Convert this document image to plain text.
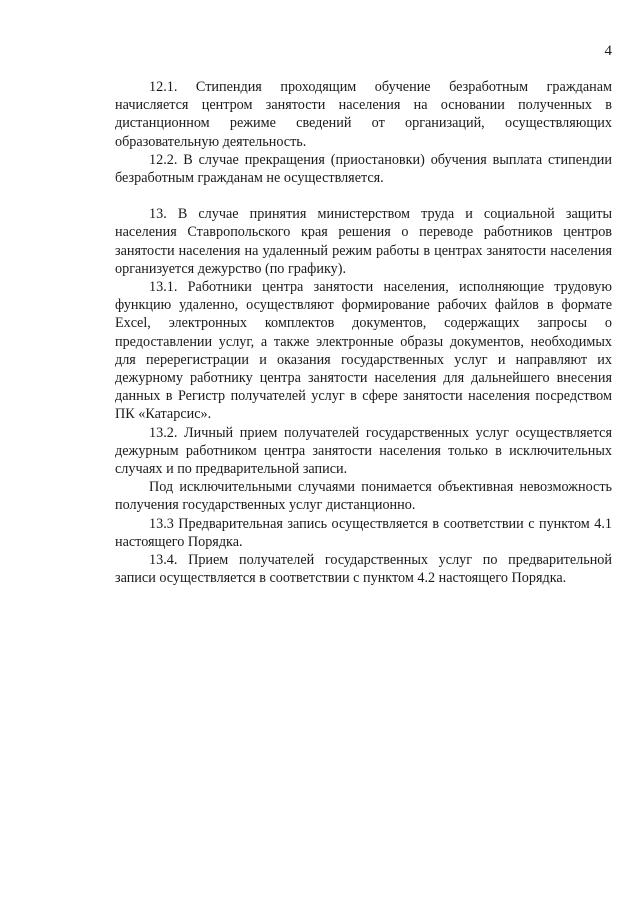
4

12.1. Стипендия проходящим обучение безработным гражданам начисляется центром занятости населения на основании полученных в дистанционном режиме сведений от организаций, осуществляющих образовательную деятельность.

12.2. В случае прекращения (приостановки) обучения выплата стипендии безработным гражданам не осуществляется.

13. В случае принятия министерством труда и социальной защиты населения Ставропольского края решения о переводе работников центров занятости населения на удаленный режим работы в центрах занятости населения организуется дежурство (по графику).

13.1. Работники центра занятости населения, исполняющие трудовую функцию удаленно, осуществляют формирование рабочих файлов в формате Excel, электронных комплектов документов, содержащих запросы о предоставлении услуг, а также электронные образы документов, необходимых для перерегистрации и оказания государственных услуг и направляют их дежурному работнику центра занятости населения для дальнейшего внесения данных в Регистр получателей услуг в сфере занятости населения посредством ПК «Катарсис».

13.2. Личный прием получателей государственных услуг осуществляется дежурным работником центра занятости населения только в исключительных случаях и по предварительной записи.

Под исключительными случаями понимается объективная невозможность получения государственных услуг дистанционно.

13.3 Предварительная запись осуществляется в соответствии с пунктом 4.1 настоящего Порядка.

13.4. Прием получателей государственных услуг по предварительной записи осуществляется в соответствии с пунктом 4.2 настоящего Порядка.
